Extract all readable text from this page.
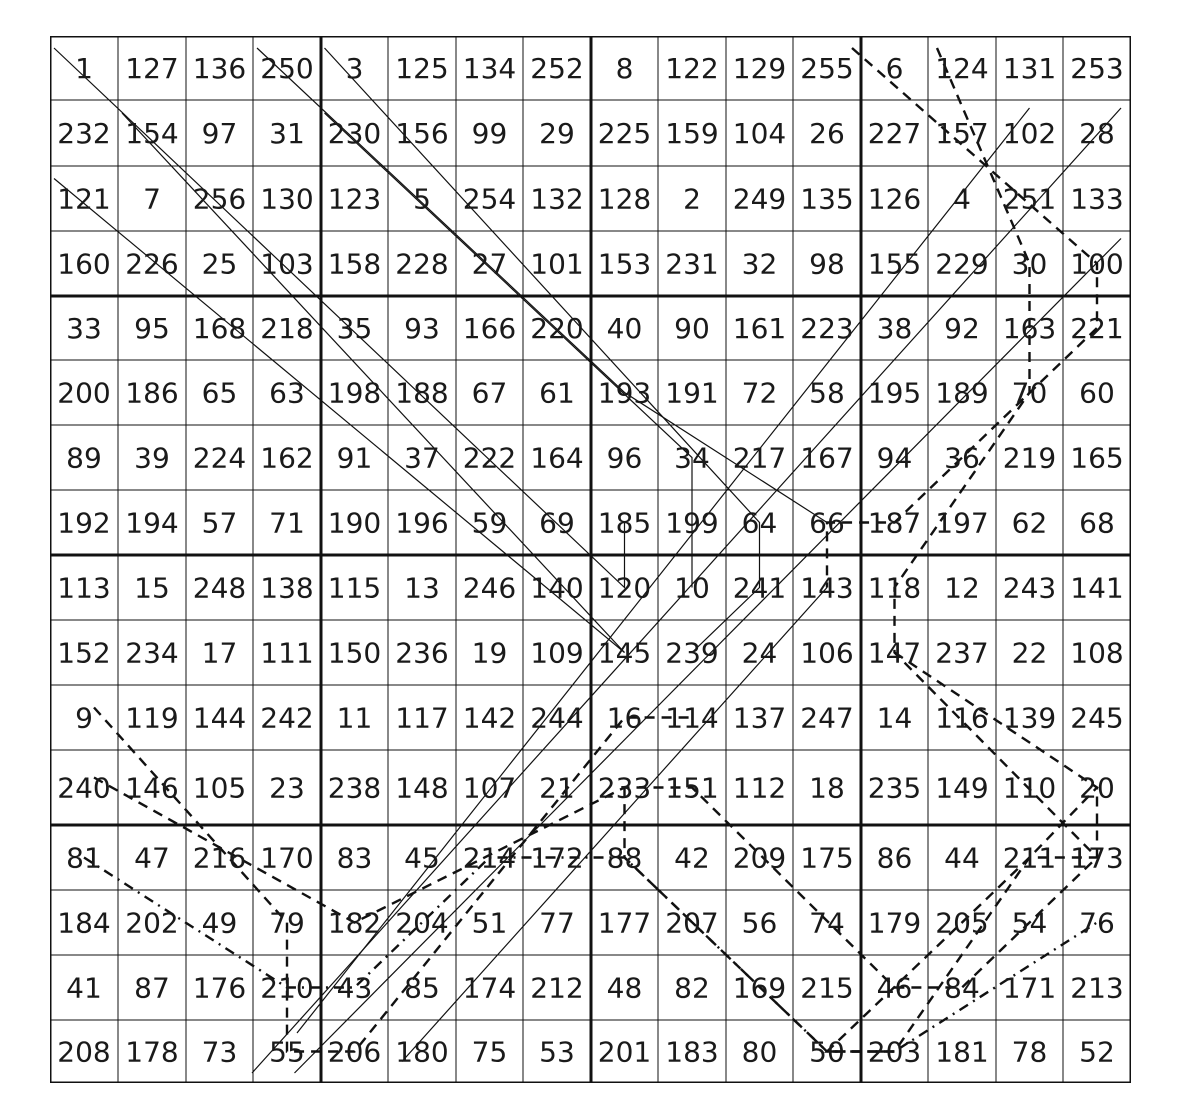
1 127 136 250 3 125 134 252 8 122 129 255 6 124 131 253
232 154 97 31 230 156 99 29 225 159 104 26 227 157 102 28
121 7 256 130 123 5 254 132 128 2 249 135 126 4 251 133
160 226 25 103 158 228 27 101 153 231 32 98 155 229 30 100
33 95 168 218 35 93 166 220 40 90 161 223 38 92 163 221
200 186 65 63 198 188 67 61 193 191 72 58 195 189 70 60
89 39 224 162 91 37 222 164 96 34 217 167 94 36 219 165
192 194 57 71 190 196 59 69 185 199 64 66 187 197 62 68
113 15 248 138 115 13 246 140 120 10 241 143 118 12 243 141
152 234 17 111 150 236 19 109 145 239 24 106 147 237 22 108
9 119 144 242 11 117 142 244 16 114 137 247 14 116 139 245
240 146 105 23 238 148 107 21 233 151 112 18 235 149 110 20
81 47 216 170 83 45 214 172 88 42 209 175 86 44 211 173
184 202 49 79 182 204 51 77 177 207 56 74 179 205 54 76
41 87 176 210 43 85 174 212 48 82 169 215 46 84 171 213
208 178 73 55 206 180 75 53 201 183 80 50 203 181 78 52
